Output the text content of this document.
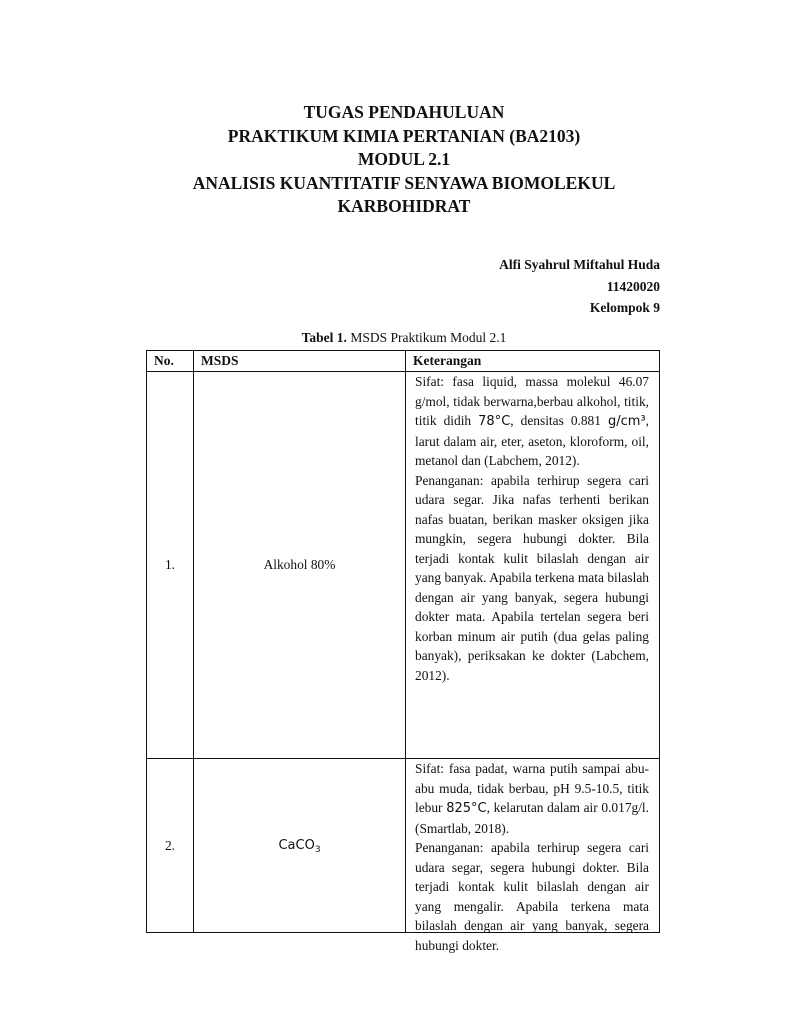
TUGAS PENDAHULUAN
PRAKTIKUM KIMIA PERTANIAN (BA2103)
MODUL 2.1
ANALISIS KUANTITATIF SENYAWA BIOMOLEKUL
KARBOHIDRAT
Alfi Syahrul Miftahul Huda
11420020
Kelompok 9
Tabel 1. MSDS Praktikum Modul 2.1
No.	MSDS	Keterangan
1.	Alkohol 80%	Sifat: fasa liquid, massa molekul 46.07 g/mol, tidak berwarna,berbau alkohol, titik, titik didih 78°C, densitas 0.881 g/cm³, larut dalam air, eter, aseton, kloroform, oil, metanol dan (Labchem, 2012).
Penanganan: apabila terhirup segera cari udara segar. Jika nafas terhenti berikan nafas buatan, berikan masker oksigen jika mungkin, segera hubungi dokter. Bila terjadi kontak kulit bilaslah dengan air yang banyak. Apabila terkena mata bilaslah dengan air yang banyak, segera hubungi dokter mata. Apabila tertelan segera beri korban minum air putih (dua gelas paling banyak), periksakan ke dokter (Labchem, 2012).

2.	CaCO$_3$	Sifat: fasa padat, warna putih sampai abu-abu muda, tidak berbau, pH 9.5-10.5, titik lebur 825°C, kelarutan dalam air 0.017g/l. (Smartlab, 2018).
Penanganan: apabila terhirup segera cari udara segar, segera hubungi dokter. Bila terjadi kontak kulit bilaslah dengan air yang mengalir. Apabila terkena mata bilaslah dengan air yang banyak, segera hubungi dokter.
